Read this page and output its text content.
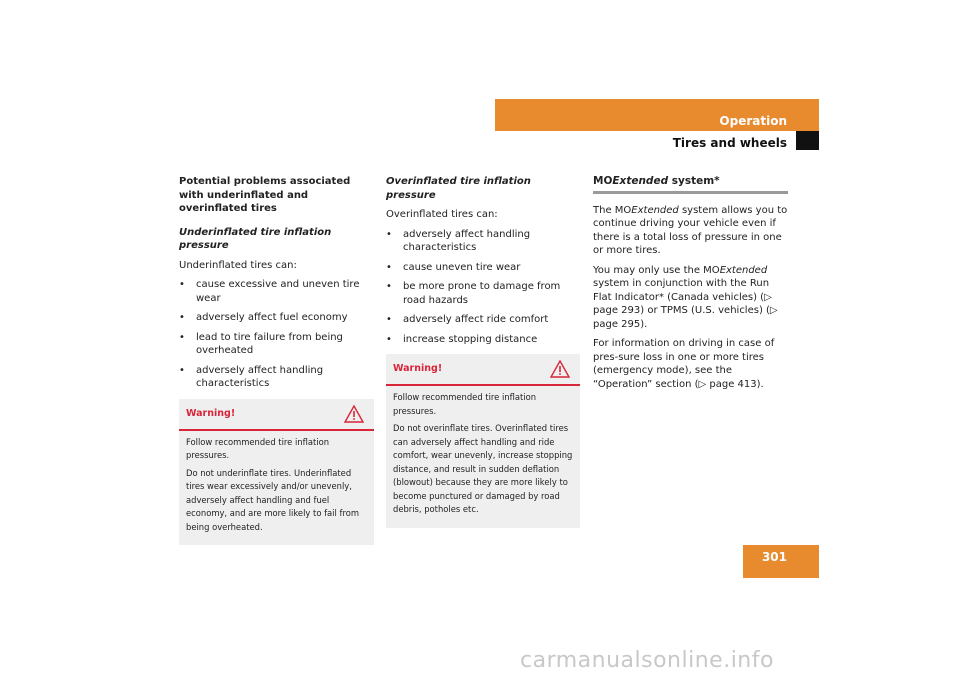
Operation
Tires and wheels
Potential problems associated with underinflated and overinflated tires
Underinflated tire inflation pressure

Underinflated tires can:

• cause excessive and uneven tire wear
• adversely affect fuel economy
• lead to tire failure from being overheated
• adversely affect handling characteristics
Warning!

Follow recommended tire inflation pressures.

Do not underinflate tires. Underinflated tires wear excessively and/or unevenly, adversely affect handling and fuel economy, and are more likely to fail from being overheated.

Overinflated tire inflation pressure

Overinflated tires can:

• adversely affect handling characteristics
• cause uneven tire wear
• be more prone to damage from road hazards
• adversely affect ride comfort
• increase stopping distance
Warning!

Follow recommended tire inflation pressures.

Do not overinflate tires. Overinflated tires can adversely affect handling and ride comfort, wear unevenly, increase stopping distance, and result in sudden deflation (blowout) because they are more likely to become punctured or damaged by road debris, potholes etc.

MOExtended system*

The MOExtended system allows you to continue driving your vehicle even if there is a total loss of pressure in one or more tires.

You may only use the MOExtended system in conjunction with the Run Flat Indicator* (Canada vehicles) (▷ page 293) or TPMS (U.S. vehicles) (▷ page 295).

For information on driving in case of pres-sure loss in one or more tires (emergency mode), see the “Operation” section (▷ page 413).

301
carmanualsonline.info
